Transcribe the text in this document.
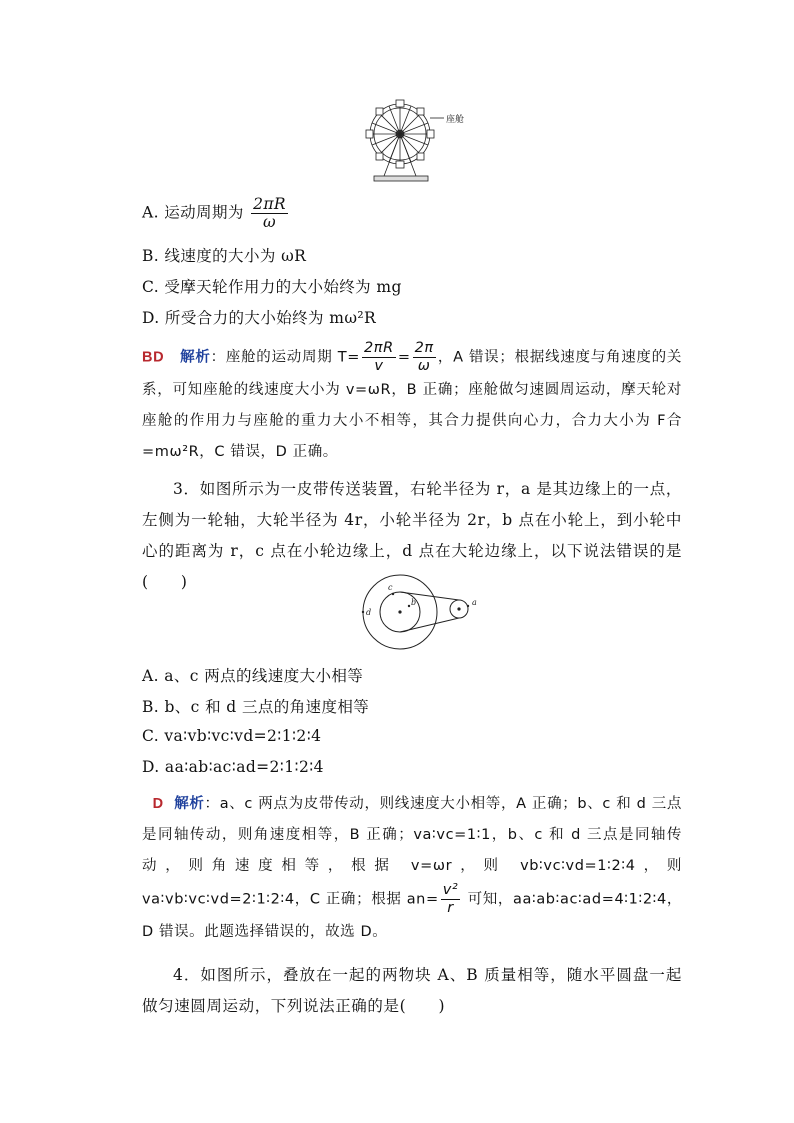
座舱
A. 运动周期为 $\frac{2\pi R}{\omega}$
B. 线速度的大小为 ωR
C. 受摩天轮作用力的大小始终为 mg
D. 所受合力的大小始终为 mω²R
BD 解析：座舱的运动周期 $T= \frac{2\pi R}{v} = \frac{2\pi}{\omega}$ ，A 错误；根据线速度与角速度的关系，可知座舱的线速度大小为 v=ωR，B 正确；座舱做匀速圆周运动，摩天轮对座舱的作用力与座舱的重力大小不相等，其合力提供向心力，合力大小为 F合=mω²R，C 错误，D 正确。
3．如图所示为一皮带传送装置，右轮半径为 r，a 是其边缘上的一点，左侧为一轮轴，大轮半径为 4r，小轮半径为 2r，b 点在小轮上，到小轮中心的距离为 r，c 点在小轮边缘上，d 点在大轮边缘上，以下说法错误的是(　　)
a
b
c
d
A. a、c 两点的线速度大小相等
B. b、c 和 d 三点的角速度相等
C. va∶vb∶vc∶vd=2∶1∶2∶4
D. aa∶ab∶ac∶ad=2∶1∶2∶4
D 解析：a、c 两点为皮带传动，则线速度大小相等，A 正确；b、c 和 d 三点是同轴传动，则角速度相等，B 正确；va∶vc=1∶1，b、c 和 d 三点是同轴传动，则角速度相等，根据 v=ωr，则 vb∶vc∶vd=1∶2∶4，则 va∶vb∶vc∶vd=2∶1∶2∶4，C 正确；根据 $an= \frac{\text{v²}}{r}$ 可知，aa∶ab∶ac∶ad=4∶1∶2∶4，D 错误。此题选择错误的，故选 D。
4．如图所示，叠放在一起的两物块 A、B 质量相等，随水平圆盘一起做匀速圆周运动，下列说法正确的是(　　)
